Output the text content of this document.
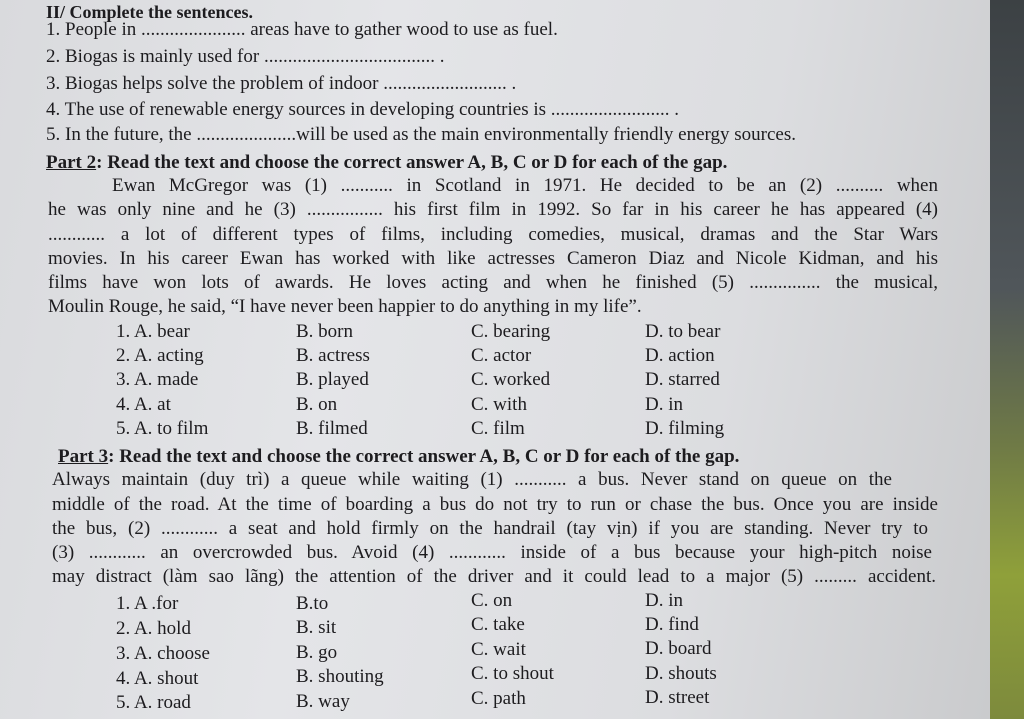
II/ Complete the sentences.
1. People in ...................... areas have to gather wood to use as fuel.
2. Biogas is mainly used for .................................... .
3. Biogas helps solve the problem of indoor .......................... .
4. The use of renewable energy sources in developing countries is ......................... .
5. In the future, the .....................will be used as the main environmentally friendly energy sources.
Part 2: Read the text and choose the correct answer A, B, C or D for each of the gap.
Ewan McGregor was (1) ........... in Scotland in 1971. He decided to be an (2) .......... when
he was only nine and he (3) ................ his first film in 1992. So far in his career he has appeared (4)
............ a lot of different types of films, including comedies, musical, dramas and the Star Wars
movies. In his career Ewan has worked with like actresses Cameron Diaz and Nicole Kidman, and his
films have won lots of awards. He loves acting and when he finished (5) ............... the musical,
Moulin Rouge, he said, “I have never been happier to do anything in my life”.
1. A. bear	B. born	C. bearing	D. to bear
2. A. acting	B. actress	C. actor	D. action
3. A. made	B. played	C. worked	D. starred
4. A. at	B. on	C. with	D. in
5. A. to film	B. filmed	C. film	D. filming
Part 3: Read the text and choose the correct answer A, B, C or D for each of the gap.
Always maintain (duy trì) a queue while waiting (1) ........... a bus. Never stand on queue on the
middle of the road. At the time of boarding a bus do not try to run or chase the bus. Once you are inside
the bus, (2) ............ a seat and hold firmly on the handrail (tay vịn) if you are standing. Never try to
(3) ............ an overcrowded bus. Avoid (4) ............ inside of a bus because your high-pitch noise
may distract (làm sao lãng) the attention of the driver and it could lead to a major (5) ......... accident.
1. A .for	B.to	C. on	D. in
2. A. hold	B. sit	C. take	D. find
3. A. choose	B. go	C. wait	D. board
4. A. shout	B. shouting	C. to shout	D. shouts
5. A. road	B. way	C. path	D. street
